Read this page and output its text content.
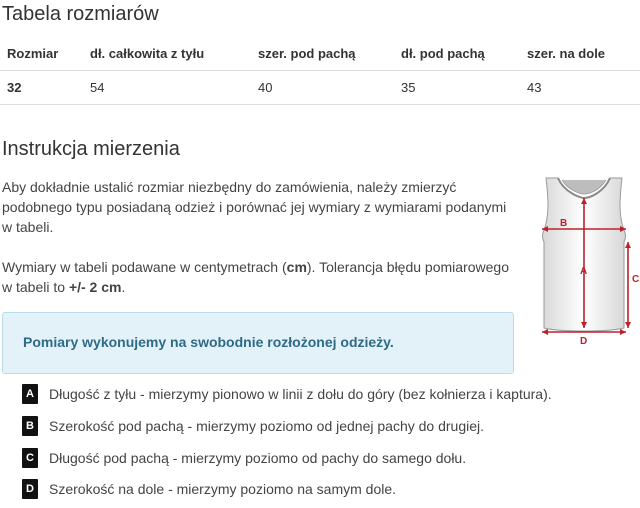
Tabela rozmiarów
Rozmiar	dł. całkowita z tyłu	szer. pod pachą	dł. pod pachą	szer. na dole
32	54	40	35	43
Instrukcja mierzenia

Aby dokładnie ustalić rozmiar niezbędny do zamówienia, należy zmierzyć podobnego typu posiadaną odzież i porównać jej wymiary z wymiarami podanymi w tabeli.

Wymiary w tabeli podawane w centymetrach (cm). Tolerancja błędu pomiarowego w tabeli to +/- 2 cm.

Pomiary wykonujemy na swobodnie rozłożonej odzieży.
A Długość z tyłu - mierzymy pionowo w linii z dołu do góry (bez kołnierza i kaptura).
B Szerokość pod pachą - mierzymy poziomo od jednej pachy do drugiej.
C Długość pod pachą - mierzymy poziomo od pachy do samego dołu.
D Szerokość na dole - mierzymy poziomo na samym dole.
B
A
C
D
